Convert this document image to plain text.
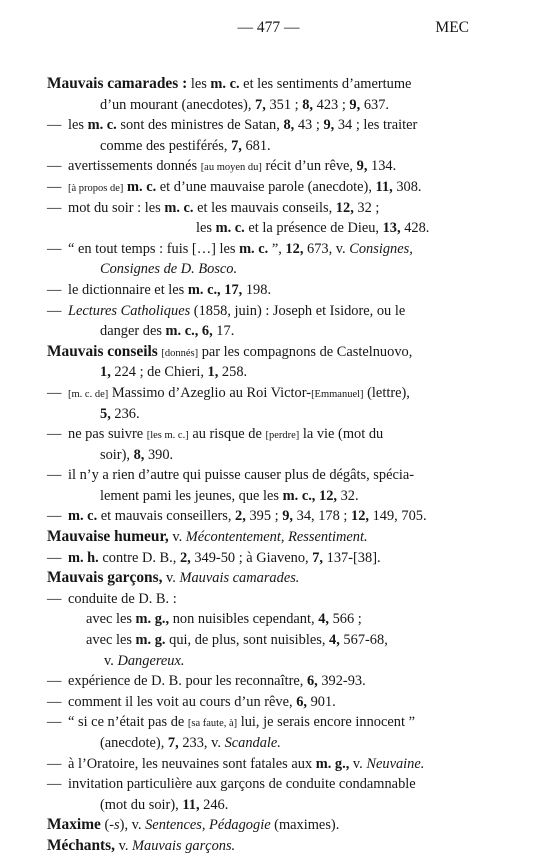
— 477 —	MEC
Mauvais camarades : les m. c. et les sentiments d’amertume
d’un mourant (anecdotes), 7, 351 ; 8, 423 ; 9, 637.
— les m. c. sont des ministres de Satan, 8, 43 ; 9, 34 ; les traiter
comme des pestiférés, 7, 681.
— avertissements donnés [au moyen du] récit d’un rêve, 9, 134.
— [à propos de] m. c. et d’une mauvaise parole (anecdote), 11, 308.
— mot du soir : les m. c. et les mauvais conseils, 12, 32 ;
les m. c. et la présence de Dieu, 13, 428.
— “ en tout temps : fuis […] les m. c. ”, 12, 673, v. Consignes,
Consignes de D. Bosco.
— le dictionnaire et les m. c., 17, 198.
— Lectures Catholiques (1858, juin) : Joseph et Isidore, ou le
danger des m. c., 6, 17.
Mauvais conseils [donnés] par les compagnons de Castelnuovo,
1, 224 ; de Chieri, 1, 258.
— [m. c. de] Massimo d’Azeglio au Roi Victor-[Emmanuel] (lettre),
5, 236.
— ne pas suivre [les m. c.] au risque de [perdre] la vie (mot du
soir), 8, 390.
— il n’y a rien d’autre qui puisse causer plus de dégâts, spécia-
lement pami les jeunes, que les m. c., 12, 32.
— m. c. et mauvais conseillers, 2, 395 ; 9, 34, 178 ; 12, 149, 705.
Mauvaise humeur, v. Mécontentement, Ressentiment.
— m. h. contre D. B., 2, 349-50 ; à Giaveno, 7, 137-[38].
Mauvais garçons, v. Mauvais camarades.
— conduite de D. B. :
avec les m. g., non nuisibles cependant, 4, 566 ;
avec les m. g. qui, de plus, sont nuisibles, 4, 567-68,
v. Dangereux.
— expérience de D. B. pour les reconnaître, 6, 392-93.
— comment il les voit au cours d’un rêve, 6, 901.
— “ si ce n’était pas de [sa faute, à] lui, je serais encore innocent ”
(anecdote), 7, 233, v. Scandale.
— à l’Oratoire, les neuvaines sont fatales aux m. g., v. Neuvaine.
— invitation particulière aux garçons de conduite condamnable
(mot du soir), 11, 246.
Maxime (-s), v. Sentences, Pédagogie (maximes).
Méchants, v. Mauvais garçons.
